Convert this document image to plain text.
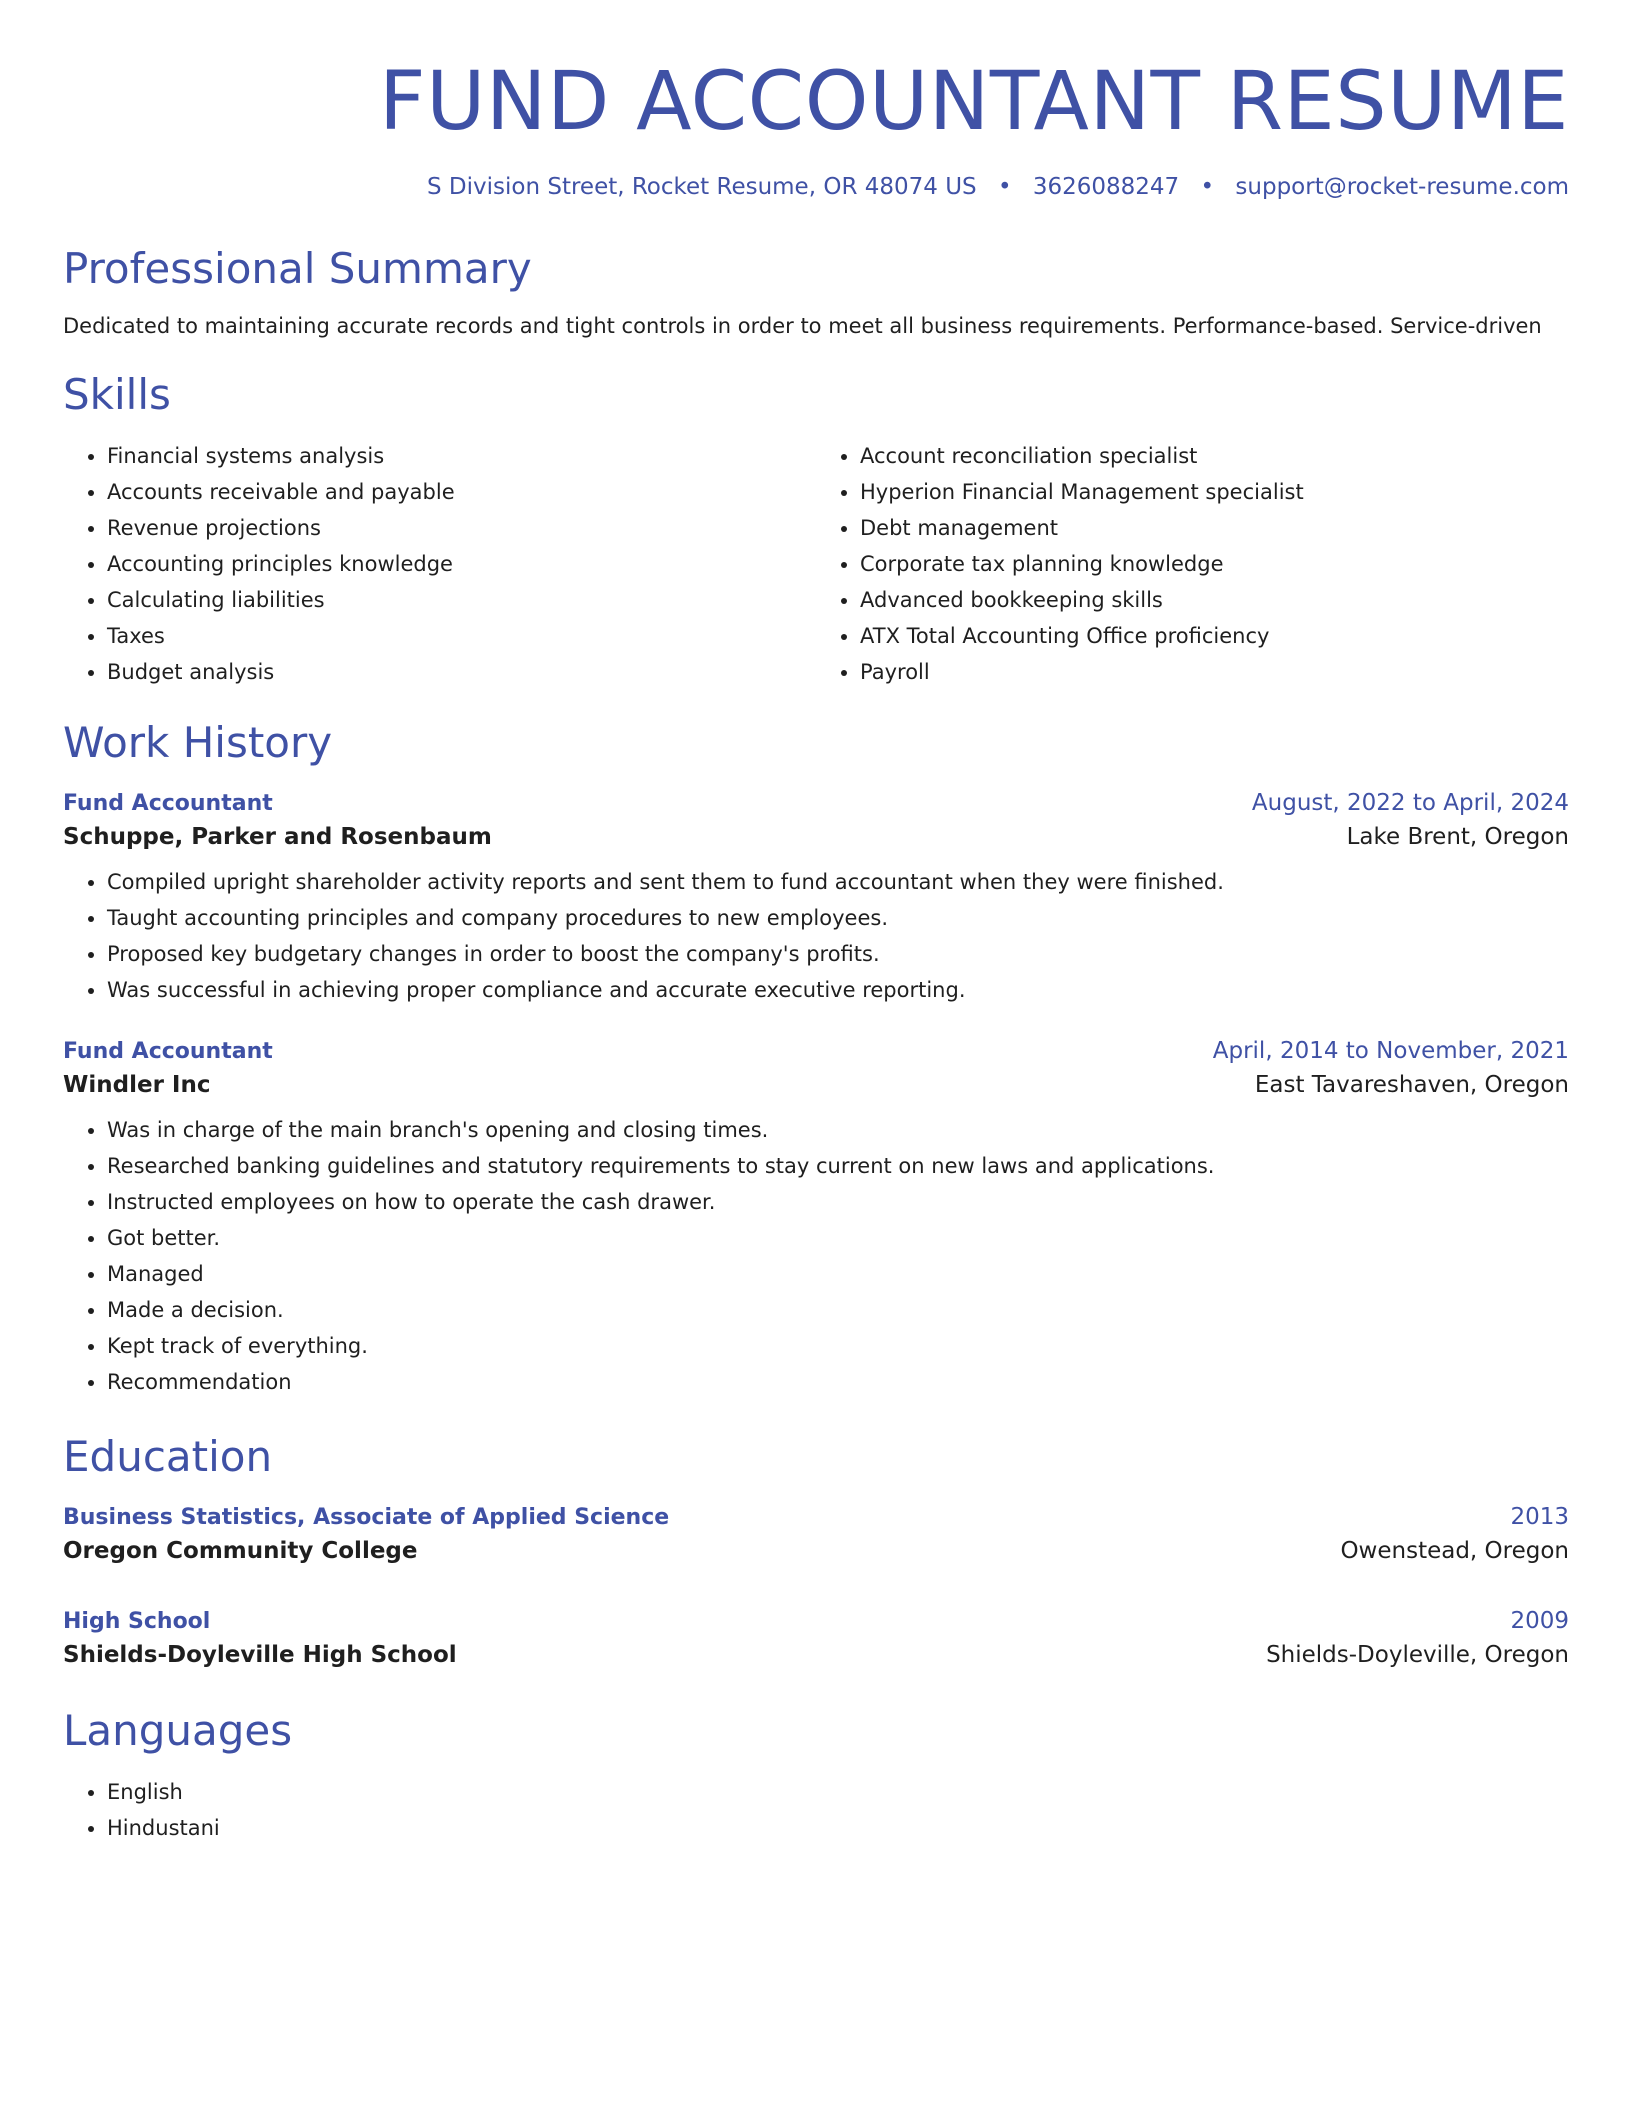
FUND ACCOUNTANT RESUME
S Division Street, Rocket Resume, OR 48074 US • 3626088247 • support@rocket-resume.com
Professional Summary
Dedicated to maintaining accurate records and tight controls in order to meet all business requirements. Performance-based. Service-driven
Skills
• Financial systems analysis
• Accounts receivable and payable
• Revenue projections
• Accounting principles knowledge
• Calculating liabilities
• Taxes
• Budget analysis
• Account reconciliation specialist
• Hyperion Financial Management specialist
• Debt management
• Corporate tax planning knowledge
• Advanced bookkeeping skills
• ATX Total Accounting Office proficiency
• Payroll
Work History
Fund Accountant	August, 2022 to April, 2024
Schuppe, Parker and Rosenbaum	Lake Brent, Oregon
• Compiled upright shareholder activity reports and sent them to fund accountant when they were finished.
• Taught accounting principles and company procedures to new employees.
• Proposed key budgetary changes in order to boost the company's profits.
• Was successful in achieving proper compliance and accurate executive reporting.
Fund Accountant	April, 2014 to November, 2021
Windler Inc	East Tavareshaven, Oregon
• Was in charge of the main branch's opening and closing times.
• Researched banking guidelines and statutory requirements to stay current on new laws and applications.
• Instructed employees on how to operate the cash drawer.
• Got better.
• Managed
• Made a decision.
• Kept track of everything.
• Recommendation
Education
Business Statistics, Associate of Applied Science	2013
Oregon Community College	Owenstead, Oregon
High School	2009
Shields-Doyleville High School	Shields-Doyleville, Oregon
Languages
• English
• Hindustani
